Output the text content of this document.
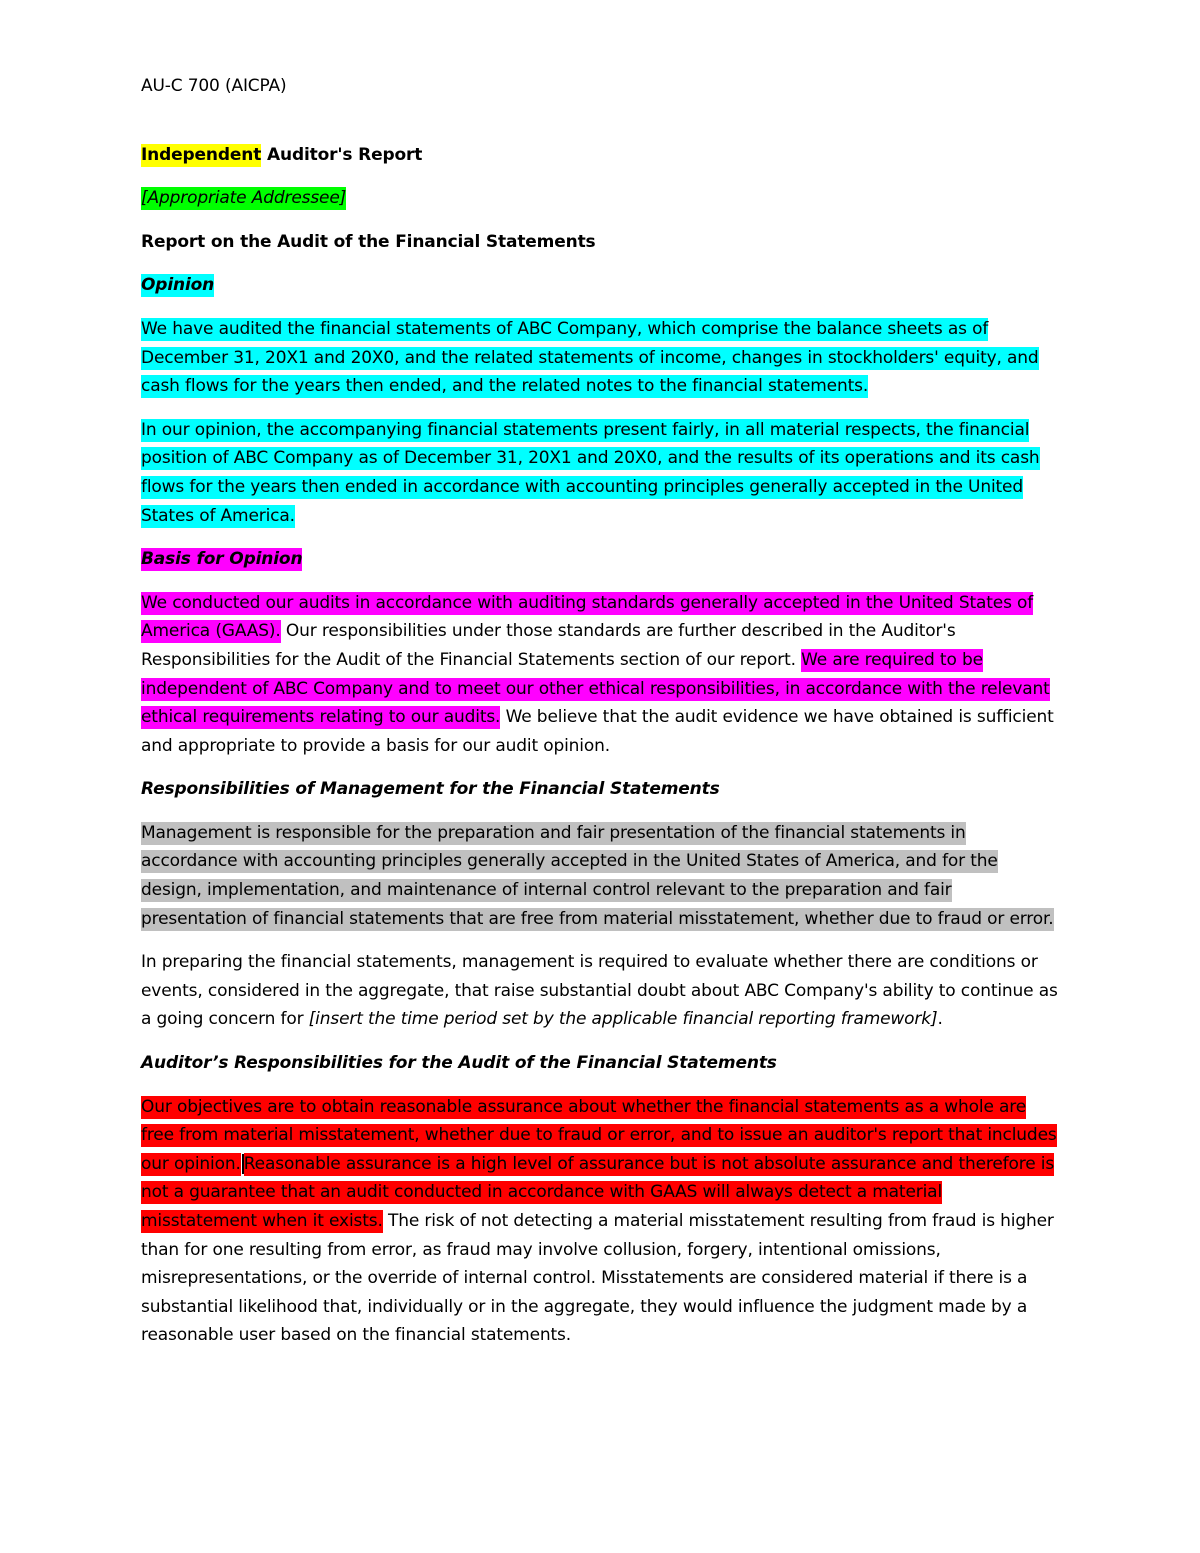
AU-C 700 (AICPA)

Independent Auditor's Report

[Appropriate Addressee]

Report on the Audit of the Financial Statements

Opinion

We have audited the financial statements of ABC Company, which comprise the balance sheets as of December 31, 20X1 and 20X0, and the related statements of income, changes in stockholders' equity, and cash flows for the years then ended, and the related notes to the financial statements.

In our opinion, the accompanying financial statements present fairly, in all material respects, the financial position of ABC Company as of December 31, 20X1 and 20X0, and the results of its operations and its cash flows for the years then ended in accordance with accounting principles generally accepted in the United States of America.

Basis for Opinion

We conducted our audits in accordance with auditing standards generally accepted in the United States of America (GAAS). Our responsibilities under those standards are further described in the Auditor's Responsibilities for the Audit of the Financial Statements section of our report. We are required to be independent of ABC Company and to meet our other ethical responsibilities, in accordance with the relevant ethical requirements relating to our audits. We believe that the audit evidence we have obtained is sufficient and appropriate to provide a basis for our audit opinion.

Responsibilities of Management for the Financial Statements

Management is responsible for the preparation and fair presentation of the financial statements in accordance with accounting principles generally accepted in the United States of America, and for the design, implementation, and maintenance of internal control relevant to the preparation and fair presentation of financial statements that are free from material misstatement, whether due to fraud or error.

In preparing the financial statements, management is required to evaluate whether there are conditions or events, considered in the aggregate, that raise substantial doubt about ABC Company's ability to continue as a going concern for [insert the time period set by the applicable financial reporting framework].

Auditor’s Responsibilities for the Audit of the Financial Statements

Our objectives are to obtain reasonable assurance about whether the financial statements as a whole are free from material misstatement, whether due to fraud or error, and to issue an auditor's report that includes our opinion. Reasonable assurance is a high level of assurance but is not absolute assurance and therefore is not a guarantee that an audit conducted in accordance with GAAS will always detect a material misstatement when it exists. The risk of not detecting a material misstatement resulting from fraud is higher than for one resulting from error, as fraud may involve collusion, forgery, intentional omissions, misrepresentations, or the override of internal control. Misstatements are considered material if there is a substantial likelihood that, individually or in the aggregate, they would influence the judgment made by a reasonable user based on the financial statements.
